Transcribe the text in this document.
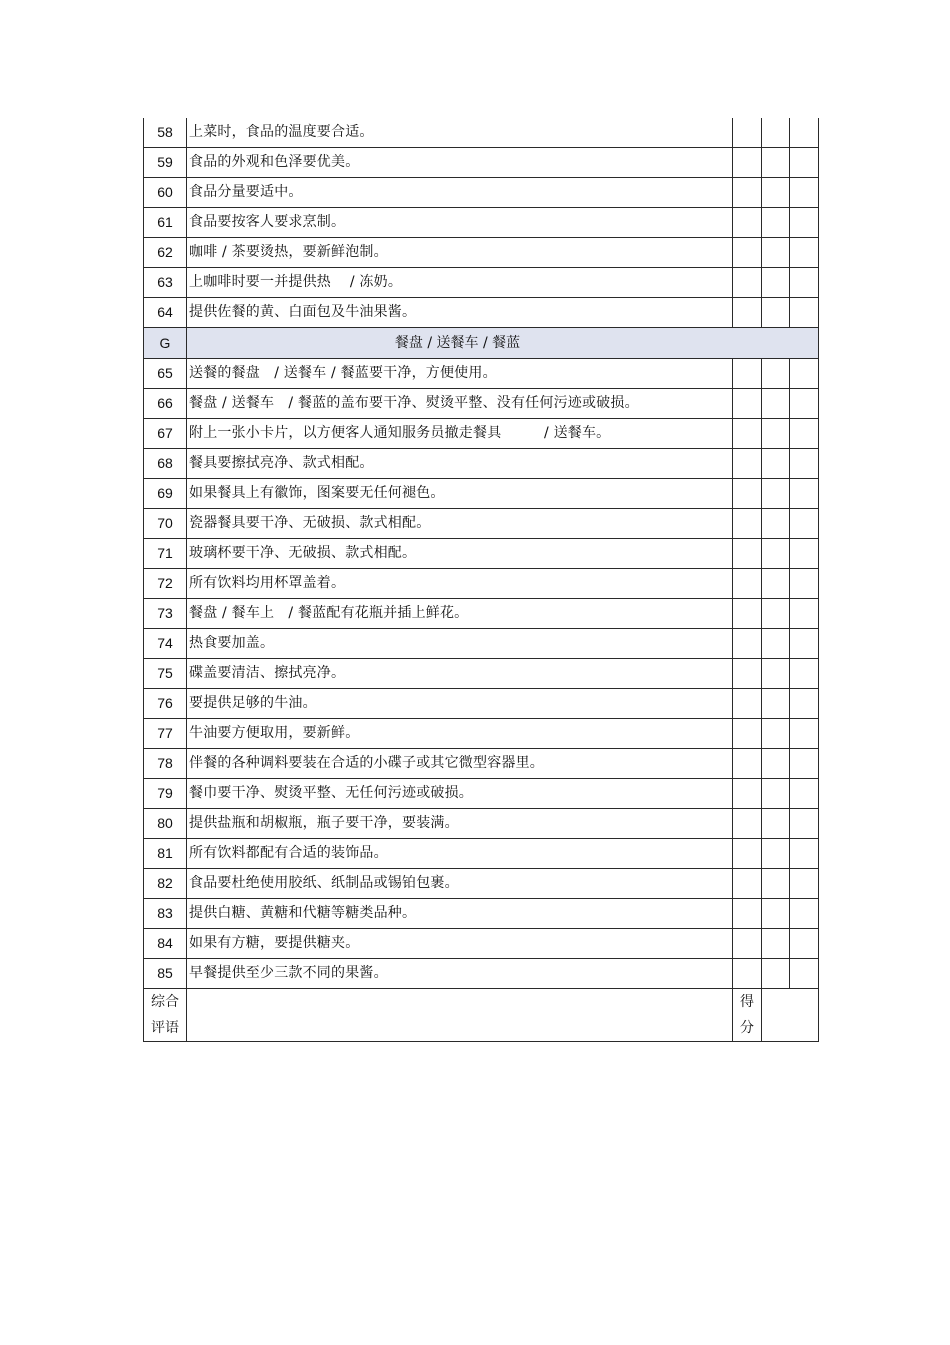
58	上菜时，食品的温度要合适。			
59	食品的外观和色泽要优美。			
60	食品分量要适中。			
61	食品要按客人要求烹制。			
62	咖啡 / 茶要烫热，要新鲜泡制。			
63	上咖啡时要一并提供热　 / 冻奶。			
64	提供佐餐的黄、白面包及牛油果酱。			
G	餐盘 / 送餐车 / 餐蓝			
65	送餐的餐盘　/ 送餐车 / 餐蓝要干净，方便使用。			
66	餐盘 / 送餐车　/ 餐蓝的盖布要干净、熨烫平整、没有任何污迹或破损。			
67	附上一张小卡片，以方便客人通知服务员撤走餐具　　　/ 送餐车。			
68	餐具要擦拭亮净、款式相配。			
69	如果餐具上有徽饰，图案要无任何褪色。			
70	瓷器餐具要干净、无破损、款式相配。			
71	玻璃杯要干净、无破损、款式相配。			
72	所有饮料均用杯罩盖着。			
73	餐盘 / 餐车上　/ 餐蓝配有花瓶并插上鲜花。			
74	热食要加盖。			
75	碟盖要清洁、擦拭亮净。			
76	要提供足够的牛油。			
77	牛油要方便取用，要新鲜。			
78	伴餐的各种调料要装在合适的小碟子或其它微型容器里。			
79	餐巾要干净、熨烫平整、无任何污迹或破损。			
80	提供盐瓶和胡椒瓶，瓶子要干净，要装满。			
81	所有饮料都配有合适的装饰品。			
82	食品要杜绝使用胶纸、纸制品或锡铂包裹。			
83	提供白糖、黄糖和代糖等糖类品种。			
84	如果有方糖，要提供糖夹。			
85	早餐提供至少三款不同的果酱。			

综合
评语		得
分		
